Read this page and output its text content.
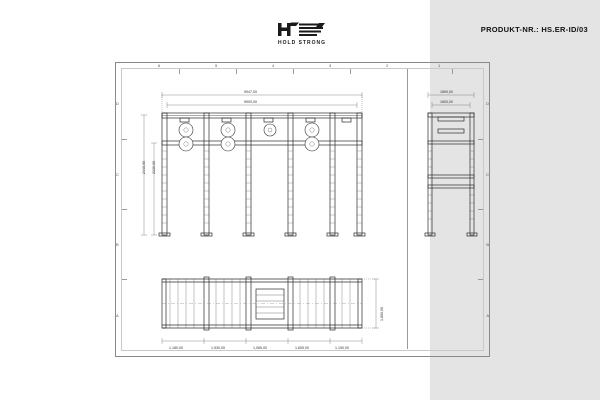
HOLD STRONG
PRODUKT-NR.: HS.ER-ID/03
6	5	4	3	2	1
D
C
B
A
D
C
B
A
5947,00
5900,00
2440,00 2130,00
1890,00
1800,00
1,180,00	1,530,00	1,065,00	1,605,00	1,190,00
1,800,00
